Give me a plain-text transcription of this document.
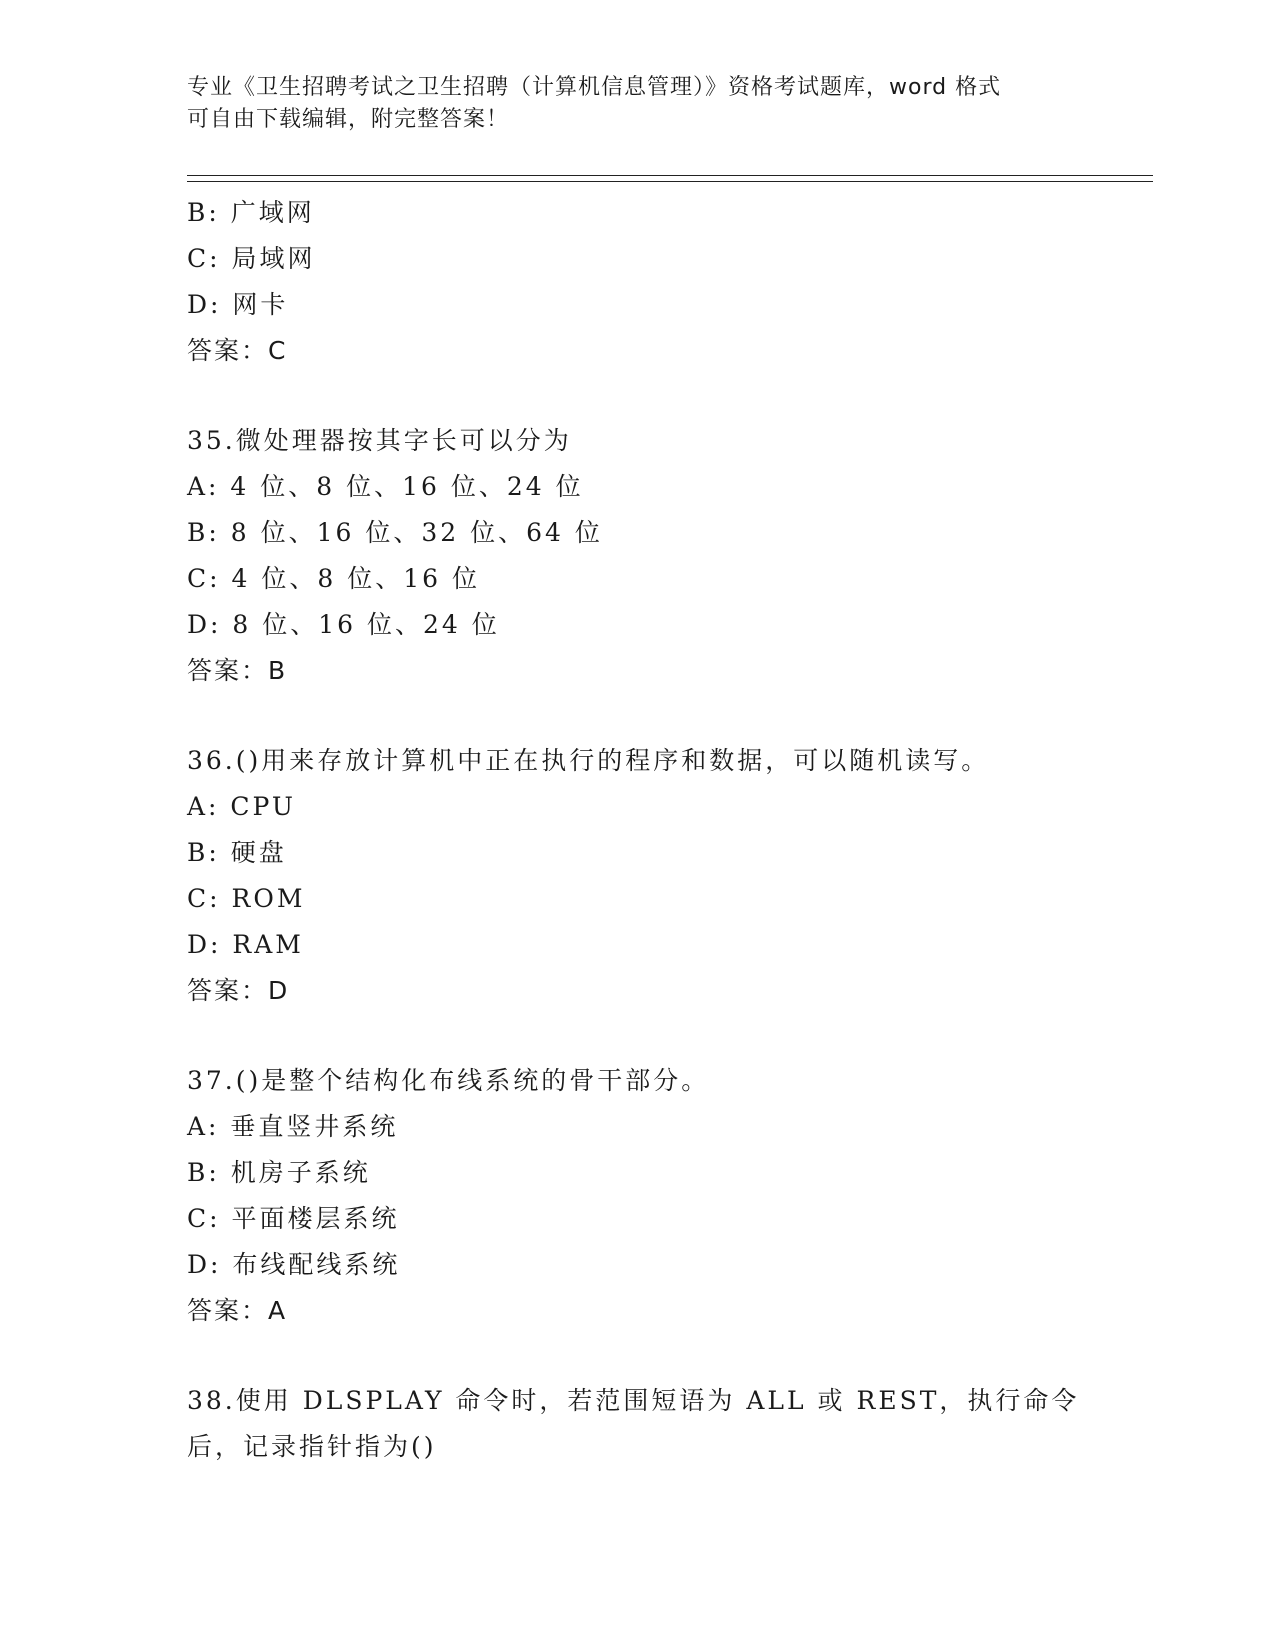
专业《卫生招聘考试之卫生招聘（计算机信息管理）》资格考试题库，word 格式
可自由下载编辑，附完整答案！
B: 广域网
C: 局域网
D: 网卡
答案：C
35.微处理器按其字长可以分为
A: 4 位、8 位、16 位、24 位
B: 8 位、16 位、32 位、64 位
C: 4 位、8 位、16 位
D: 8 位、16 位、24 位
答案：B
36.()用来存放计算机中正在执行的程序和数据，可以随机读写。
A: CPU
B: 硬盘
C: ROM
D: RAM
答案：D
37.()是整个结构化布线系统的骨干部分。
A: 垂直竖井系统
B: 机房子系统
C: 平面楼层系统
D: 布线配线系统
答案：A
38.使用 DLSPLAY 命令时，若范围短语为 ALL 或 REST，执行命令后，记录指针指为()
